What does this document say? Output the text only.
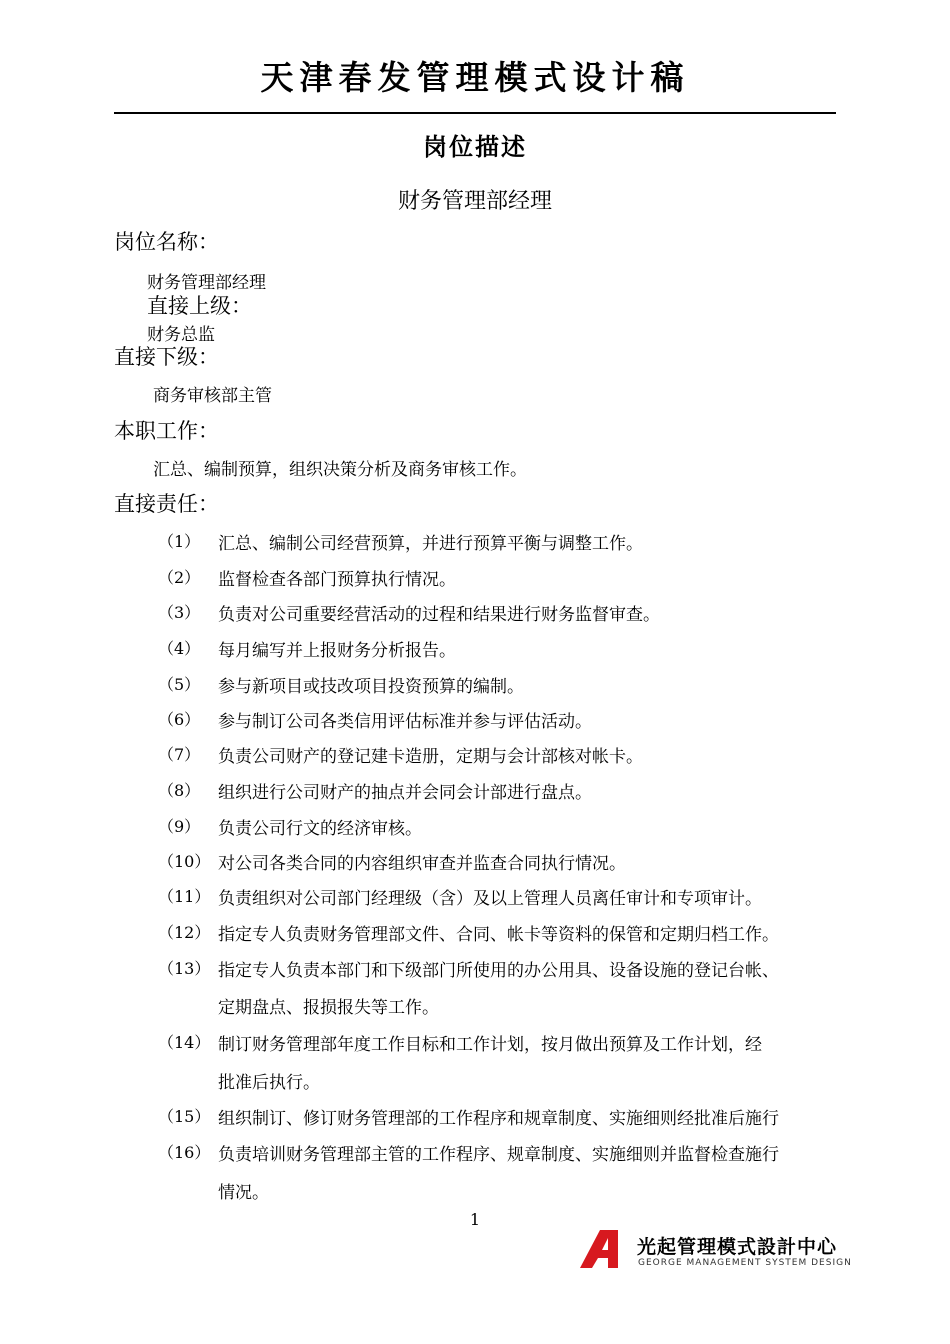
天津春发管理模式设计稿
岗位描述
财务管理部经理
岗位名称：
财务管理部经理
直接上级：
财务总监
直接下级：
商务审核部主管
本职工作：
汇总、编制预算，组织决策分析及商务审核工作。
直接责任：
（1） 汇总、编制公司经营预算，并进行预算平衡与调整工作。
（2） 监督检查各部门预算执行情况。
（3） 负责对公司重要经营活动的过程和结果进行财务监督审查。
（4） 每月编写并上报财务分析报告。
（5） 参与新项目或技改项目投资预算的编制。
（6） 参与制订公司各类信用评估标准并参与评估活动。
（7） 负责公司财产的登记建卡造册，定期与会计部核对帐卡。
（8） 组织进行公司财产的抽点并会同会计部进行盘点。
（9） 负责公司行文的经济审核。
（10） 对公司各类合同的内容组织审查并监查合同执行情况。
（11） 负责组织对公司部门经理级（含）及以上管理人员离任审计和专项审计。
（12） 指定专人负责财务管理部文件、合同、帐卡等资料的保管和定期归档工作。
（13） 指定专人负责本部门和下级部门所使用的办公用具、设备设施的登记台帐、
定期盘点、报损报失等工作。
（14） 制订财务管理部年度工作目标和工作计划，按月做出预算及工作计划，经
批准后执行。
（15） 组织制订、修订财务管理部的工作程序和规章制度、实施细则经批准后施行
（16） 负责培训财务管理部主管的工作程序、规章制度、实施细则并监督检查施行
情况。
1
光起管理模式設計中心
GEORGE MANAGEMENT SYSTEM DESIGN
